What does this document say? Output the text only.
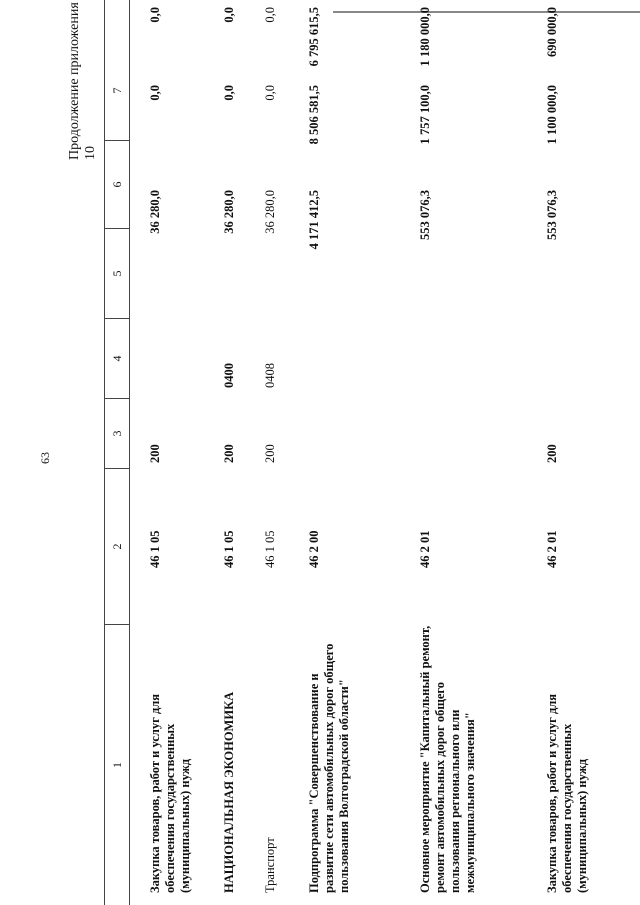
63
Продолжение приложения 10
1
2
3
4
5
6
7
Закупка товаров, работ и услуг для обеспечения государственных (муниципальных) нужд
46 1 05
200
36 280,0
0,0
0,0
НАЦИОНАЛЬНАЯ ЭКОНОМИКА
46 1 05
200
0400
36 280,0
0,0
0,0
Транспорт
46 1 05
200
0408
36 280,0
0,0
0,0
Подпрограмма "Совершенствование и развитие сети автомобильных дорог общего пользования Волгоградской области"
46 2 00
4 171 412,5
8 506 581,5
6 795 615,5
Основное мероприятие "Капитальный ремонт, ремонт автомобильных дорог общего пользования регионального или межмуниципального значения"
46 2 01
553 076,3
1 757 100,0
1 180 000,0
Закупка товаров, работ и услуг для обеспечения государственных (муниципальных) нужд
46 2 01
200
553 076,3
1 100 000,0
690 000,0
